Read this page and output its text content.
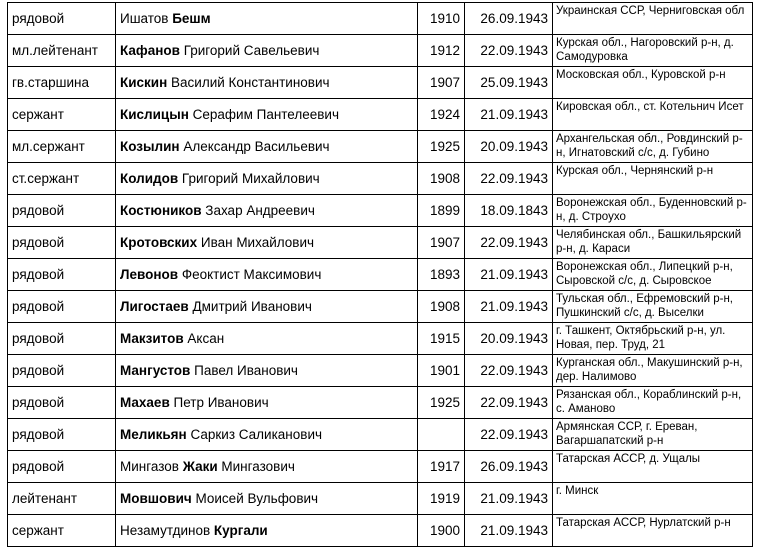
рядовой	Ишатов Бешм	1910	26.09.1943	Украинская ССР, Черниговская обл
мл.лейтенант	Кафанов Григорий Савельевич	1912	22.09.1943	Курская обл., Нагоровский р-н, д. Самодуровка
гв.старшина	Кискин Василий Константинович	1907	25.09.1943	Московская обл., Куровской р-н
сержант	Кислицын Серафим Пантелеевич	1924	21.09.1943	Кировская обл., ст. Котельнич Исет
мл.сержант	Козылин Александр Васильевич	1925	20.09.1943	Архангельская обл., Ровдинский р-н, Игнатовский с/с, д. Губино
ст.сержант	Колидов Григорий Михайлович	1908	22.09.1943	Курская обл., Чернянский р-н
рядовой	Костюников Захар Андреевич	1899	18.09.1843	Воронежская обл., Буденновский р-н, д. Строухо
рядовой	Кротовских Иван Михайлович	1907	22.09.1943	Челябинская обл., Башкильярский р-н, д. Караси
рядовой	Левонов Феоктист Максимович	1893	21.09.1943	Воронежская обл., Липецкий р-н, Сыровской с/с, д. Сыровское
рядовой	Лигостаев Дмитрий Иванович	1908	21.09.1943	Тульская обл., Ефремовский р-н, Пушкинский с/с, д. Выселки
рядовой	Макзитов Аксан	1915	20.09.1943	г. Ташкент, Октябрьский р-н, ул. Новая, пер. Труд, 21
рядовой	Мангустов Павел Иванович	1901	22.09.1943	Курганская обл., Макушинский р-н, дер. Налимово
рядовой	Махаев Петр Иванович	1925	22.09.1943	Рязанская обл., Кораблинский р-н, с. Аманово
рядовой	Меликьян Саркиз Саликанович		22.09.1943	Армянская ССР, г. Ереван, Вагаршапатский р-н
рядовой	Мингазов Жаки Мингазович	1917	26.09.1943	Татарская АССР, д. Ущалы
лейтенант	Мовшович Моисей Вульфович	1919	21.09.1943	г. Минск
сержант	Незамутдинов Кургали	1900	21.09.1943	Татарская АССР, Нурлатский р-н
